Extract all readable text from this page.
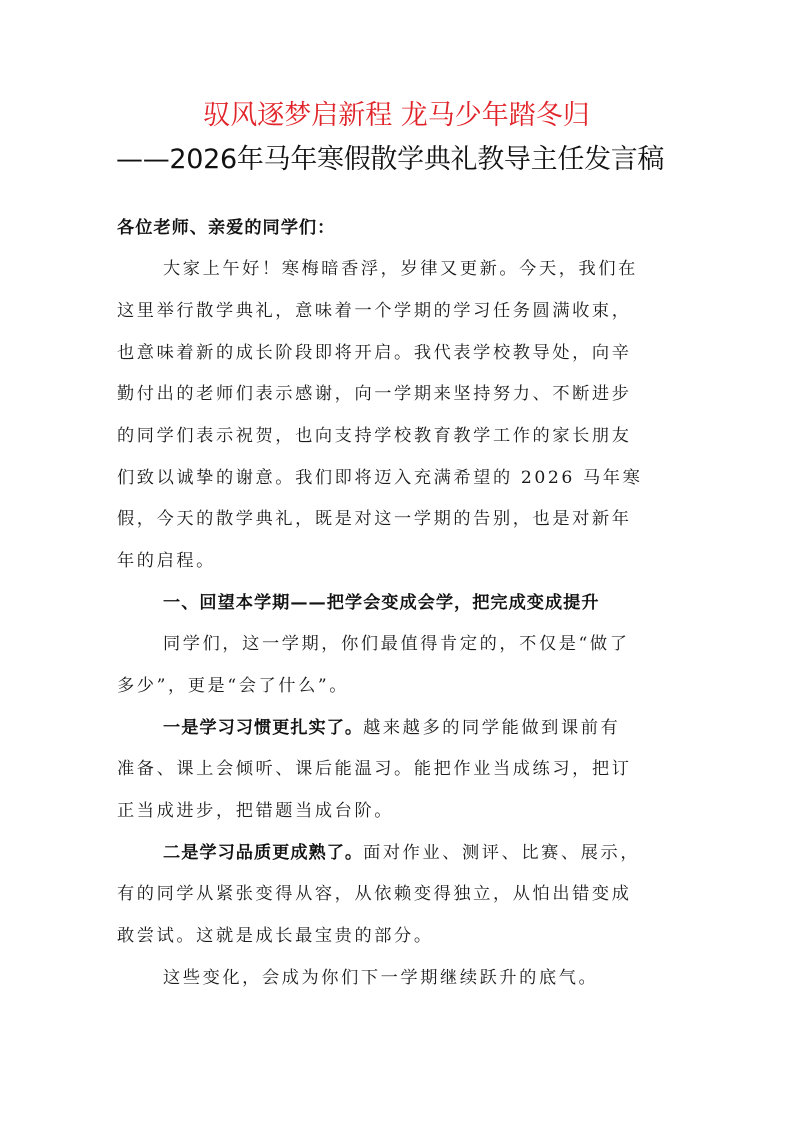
驭风逐梦启新程 龙马少年踏冬归
——2026年马年寒假散学典礼教导主任发言稿
各位老师、亲爱的同学们：
大家上午好！寒梅暗香浮，岁律又更新。今天，我们在
这里举行散学典礼，意味着一个学期的学习任务圆满收束，
也意味着新的成长阶段即将开启。我代表学校教导处，向辛
勤付出的老师们表示感谢，向一学期来坚持努力、不断进步
的同学们表示祝贺，也向支持学校教育教学工作的家长朋友
们致以诚挚的谢意。我们即将迈入充满希望的 2026 马年寒
假，今天的散学典礼，既是对这一学期的告别，也是对新年
年的启程。
一、回望本学期——把学会变成会学，把完成变成提升
同学们，这一学期，你们最值得肯定的，不仅是“做了
多少”，更是“会了什么”。
一是学习习惯更扎实了。越来越多的同学能做到课前有
准备、课上会倾听、课后能温习。能把作业当成练习，把订
正当成进步，把错题当成台阶。
二是学习品质更成熟了。面对作业、测评、比赛、展示，
有的同学从紧张变得从容，从依赖变得独立，从怕出错变成
敢尝试。这就是成长最宝贵的部分。
这些变化，会成为你们下一学期继续跃升的底气。
